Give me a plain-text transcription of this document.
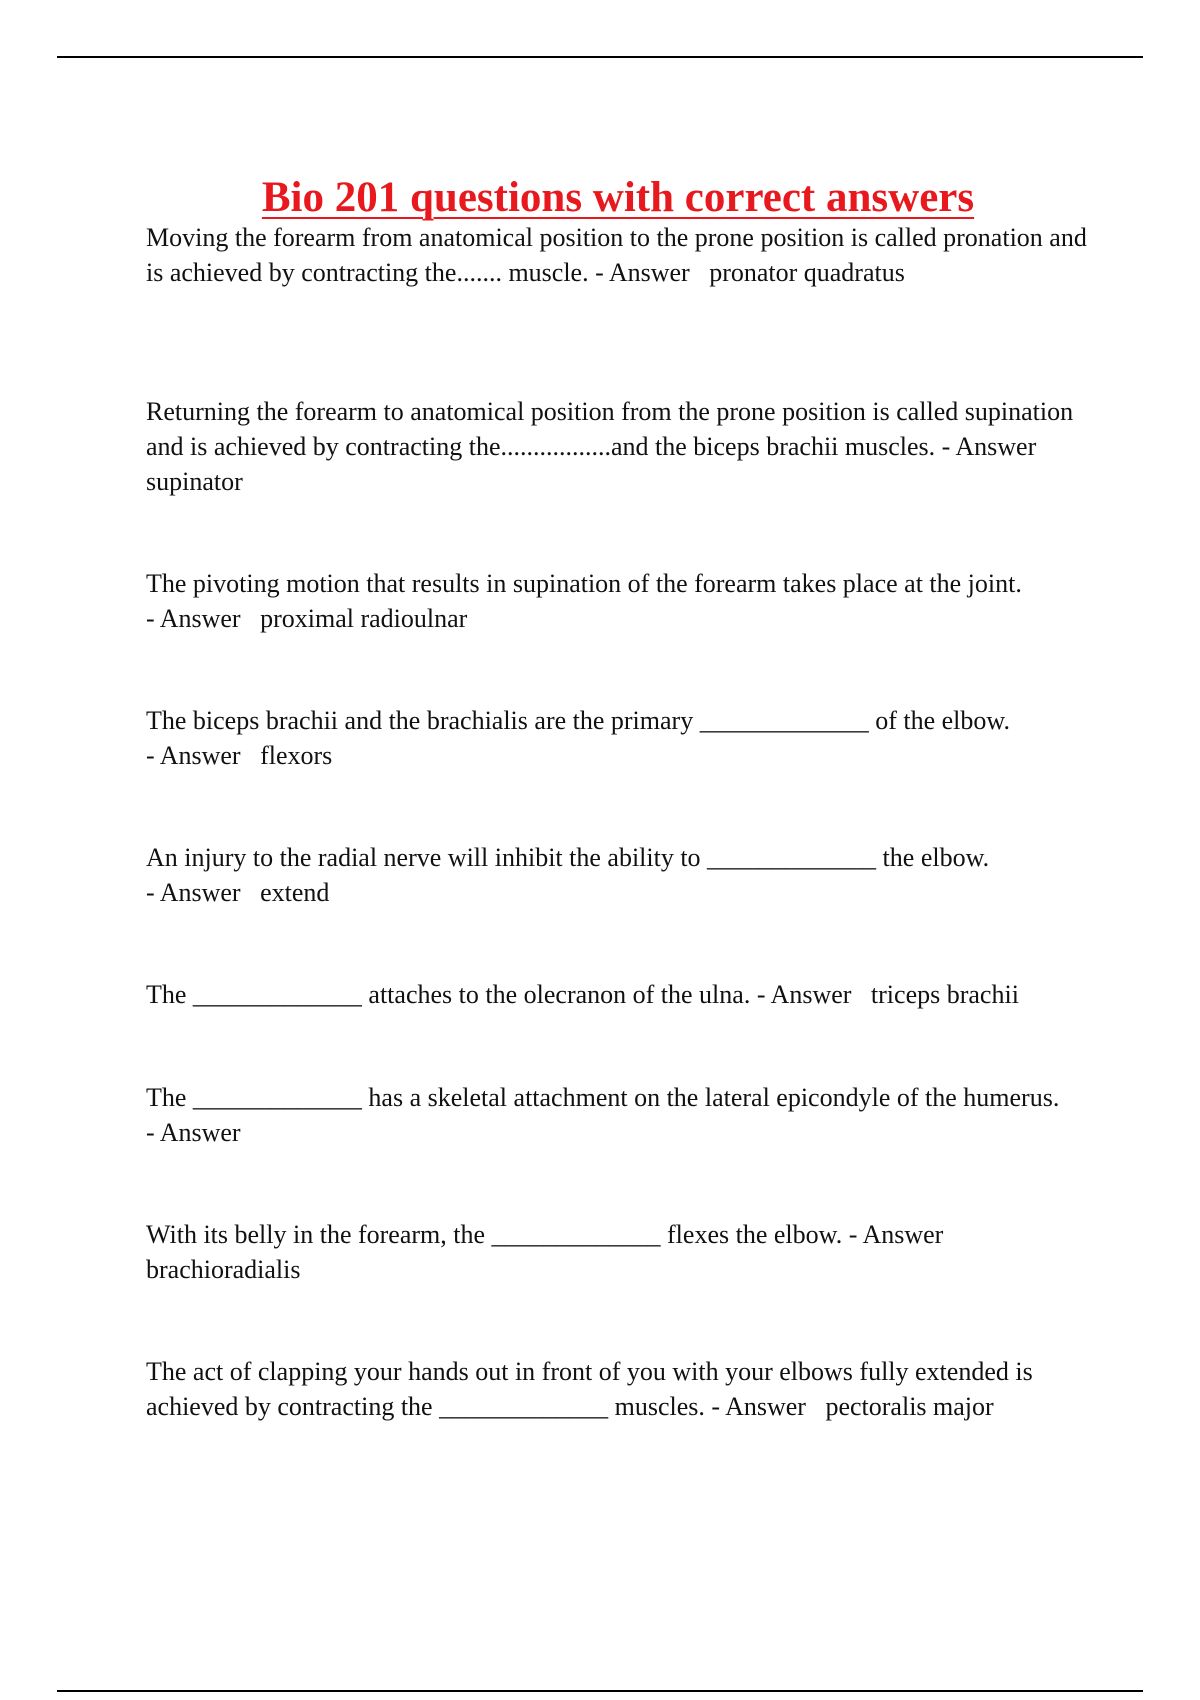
Bio 201 questions with correct answers

Moving the forearm from anatomical position to the prone position is called pronation and is achieved by contracting the....... muscle. - Answer pronator quadratus

Returning the forearm to anatomical position from the prone position is called supination and is achieved by contracting the.................and the biceps brachii muscles. - Answer   supinator

The pivoting motion that results in supination of the forearm takes place at the joint. - Answer proximal radioulnar

The biceps brachii and the brachialis are the primary _____________ of the elbow. - Answer flexors

An injury to the radial nerve will inhibit the ability to _____________ the elbow. - Answer extend

The _____________ attaches to the olecranon of the ulna. - Answer triceps brachii

The _____________ has a skeletal attachment on the lateral epicondyle of the humerus. - Answer

With its belly in the forearm, the _____________ flexes the elbow. - Answer   brachioradialis

The act of clapping your hands out in front of you with your elbows fully extended is achieved by contracting the _____________ muscles. - Answer pectoralis major
